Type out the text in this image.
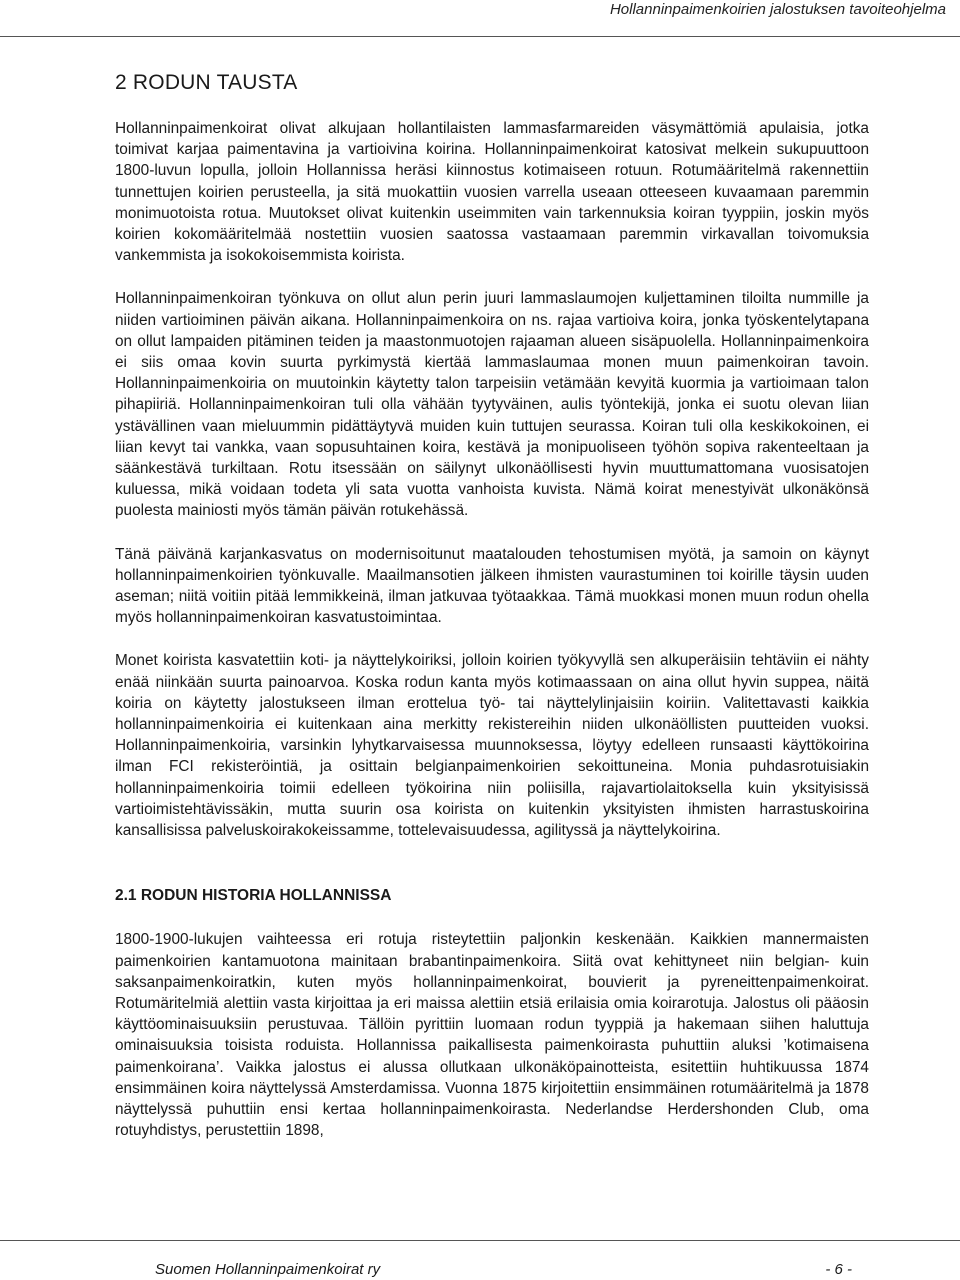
Hollanninpaimenkoirien jalostuksen tavoiteohjelma
2 RODUN TAUSTA

Hollanninpaimenkoirat olivat alkujaan hollantilaisten lammasfarmareiden väsymättömiä apulaisia, jotka toimivat karjaa paimentavina ja vartioivina koirina. Hollanninpaimenkoirat katosivat melkein sukupuuttoon 1800-luvun lopulla, jolloin Hollannissa heräsi kiinnostus kotimaiseen rotuun. Rotumääritelmä rakennettiin tunnettujen koirien perusteella, ja sitä muokattiin vuosien varrella useaan otteeseen kuvaamaan paremmin monimuotoista rotua. Muutokset olivat kuitenkin useimmiten vain tarkennuksia koiran tyyppiin, joskin myös koirien kokomääritelmää nostettiin vuosien saatossa vastaamaan paremmin virkavallan toivomuksia vankemmista ja isokokoisemmista koirista.

Hollanninpaimenkoiran työnkuva on ollut alun perin juuri lammaslaumojen kuljettaminen tiloilta nummille ja niiden vartioiminen päivän aikana. Hollanninpaimenkoira on ns. rajaa vartioiva koira, jonka työskentelytapana on ollut lampaiden pitäminen teiden ja maastonmuotojen rajaaman alueen sisäpuolella. Hollanninpaimenkoira ei siis omaa kovin suurta pyrkimystä kiertää lammaslaumaa monen muun paimenkoiran tavoin. Hollanninpaimenkoiria on muutoinkin käytetty talon tarpeisiin vetämään kevyitä kuormia ja vartioimaan talon pihapiiriä. Hollanninpaimenkoiran tuli olla vähään tyytyväinen, aulis työntekijä, jonka ei suotu olevan liian ystävällinen vaan mieluummin pidättäytyvä muiden kuin tuttujen seurassa. Koiran tuli olla keskikokoinen, ei liian kevyt tai vankka, vaan sopusuhtainen koira, kestävä ja monipuoliseen työhön sopiva rakenteeltaan ja säänkestävä turkiltaan. Rotu itsessään on säilynyt ulkonäöllisesti hyvin muuttumattomana vuosisatojen kuluessa, mikä voidaan todeta yli sata vuotta vanhoista kuvista. Nämä koirat menestyivät ulkonäkönsä puolesta mainiosti myös tämän päivän rotukehässä.

Tänä päivänä karjankasvatus on modernisoitunut maatalouden tehostumisen myötä, ja samoin on käynyt hollanninpaimenkoirien työnkuvalle. Maailmansotien jälkeen ihmisten vaurastuminen toi koirille täysin uuden aseman; niitä voitiin pitää lemmikkeinä, ilman jatkuvaa työtaakkaa. Tämä muokkasi monen muun rodun ohella myös hollanninpaimenkoiran kasvatustoimintaa.

Monet koirista kasvatettiin koti- ja näyttelykoiriksi, jolloin koirien työkyvyllä sen alkuperäisiin tehtäviin ei nähty enää niinkään suurta painoarvoa. Koska rodun kanta myös kotimaassaan on aina ollut hyvin suppea, näitä koiria on käytetty jalostukseen ilman erottelua työ- tai näyttelylinjaisiin koiriin. Valitettavasti kaikkia hollanninpaimenkoiria ei kuitenkaan aina merkitty rekistereihin niiden ulkonäöllisten puutteiden vuoksi. Hollanninpaimenkoiria, varsinkin lyhytkarvaisessa muunnoksessa, löytyy edelleen runsaasti käyttökoirina ilman FCI rekisteröintiä, ja osittain belgianpaimenkoirien sekoittuneina. Monia puhdasrotuisiakin hollanninpaimenkoiria toimii edelleen työkoirina niin poliisilla, rajavartiolaitoksella kuin yksityisissä vartioimistehtävissäkin, mutta suurin osa koirista on kuitenkin yksityisten ihmisten harrastuskoirina kansallisissa palveluskoirakokeissamme, tottelevaisuudessa, agilityssä ja näyttelykoirina.

2.1 RODUN HISTORIA HOLLANNISSA

1800-1900-lukujen vaihteessa eri rotuja risteytettiin paljonkin keskenään. Kaikkien mannermaisten paimenkoirien kantamuotona mainitaan brabantinpaimenkoira. Siitä ovat kehittyneet niin belgian- kuin saksanpaimenkoiratkin, kuten myös hollanninpaimenkoirat, bouvierit ja pyreneittenpaimenkoirat. Rotumäritelmiä alettiin vasta kirjoittaa ja eri maissa alettiin etsiä erilaisia omia koirarotuja. Jalostus oli pääosin käyttöominaisuuksiin perustuvaa. Tällöin pyrittiin luomaan rodun tyyppiä ja hakemaan siihen haluttuja ominaisuuksia toisista roduista. Hollannissa paikallisesta paimenkoirasta puhuttiin aluksi ’kotimaisena paimenkoirana’. Vaikka jalostus ei alussa ollutkaan ulkonäköpainotteista, esitettiin huhtikuussa 1874 ensimmäinen koira näyttelyssä Amsterdamissa. Vuonna 1875 kirjoitettiin ensimmäinen rotumääritelmä ja 1878 näyttelyssä puhuttiin ensi kertaa hollanninpaimenkoirasta. Nederlandse Herdershonden Club, oma rotuyhdistys, perustettiin 1898,

Suomen Hollanninpaimenkoirat ry	- 6 -
